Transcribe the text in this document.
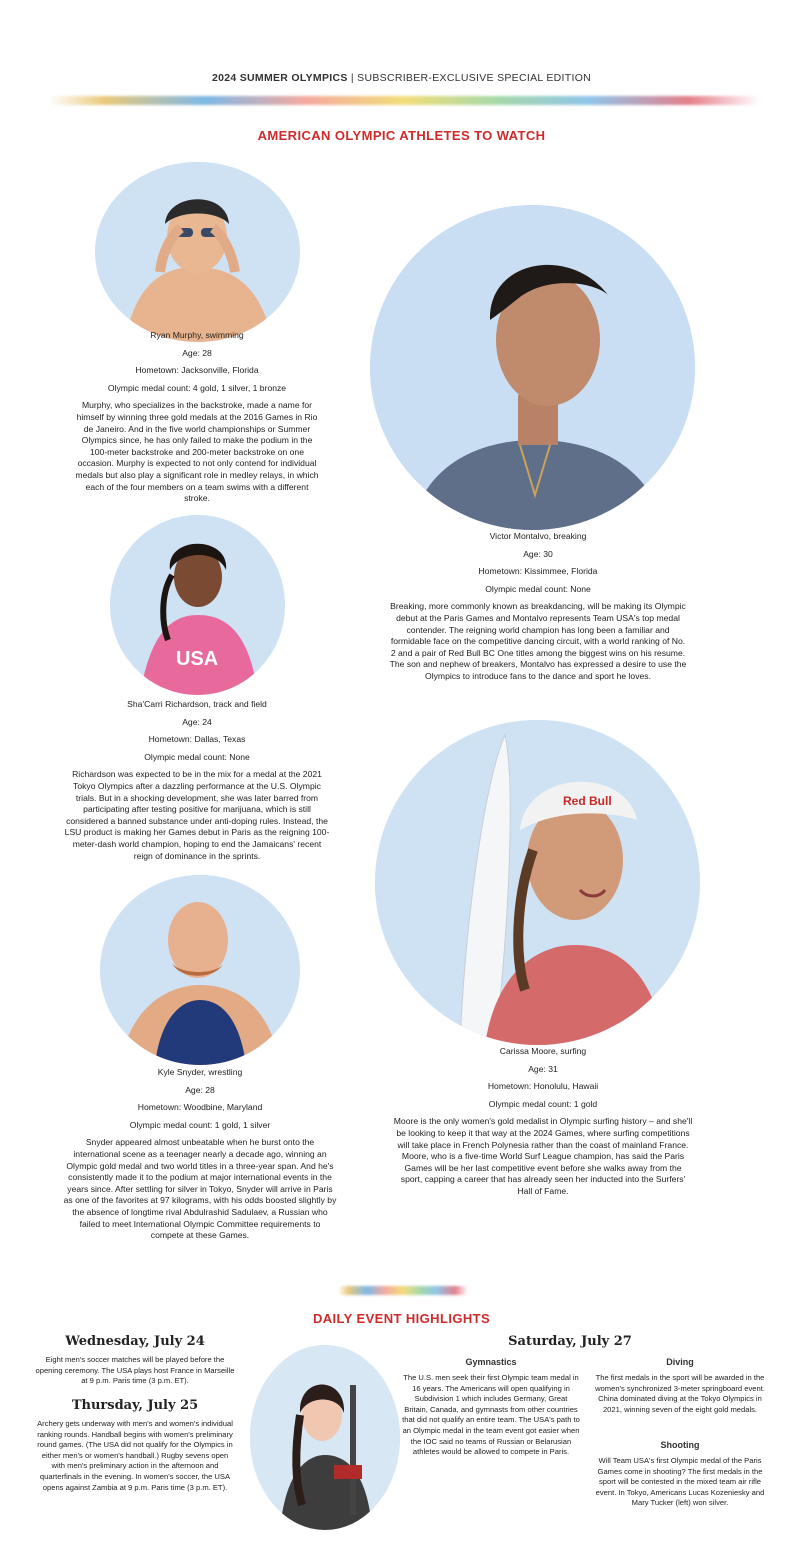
2024 SUMMER OLYMPICS | SUBSCRIBER-EXCLUSIVE SPECIAL EDITION
AMERICAN OLYMPIC ATHLETES TO WATCH

Ryan Murphy, swimming

Age: 28

Hometown: Jacksonville, Florida

Olympic medal count: 4 gold, 1 silver, 1 bronze

Murphy, who specializes in the backstroke, made a name for himself by winning three gold medals at the 2016 Games in Rio de Janeiro. And in the five world championships or Summer Olympics since, he has only failed to make the podium in the 100-meter backstroke and 200-meter backstroke on one occasion. Murphy is expected to not only contend for individual medals but also play a significant role in medley relays, in which each of the four members on a team swims with a different stroke.

Victor Montalvo, breaking

Age: 30

Hometown: Kissimmee, Florida

Olympic medal count: None

Breaking, more commonly known as breakdancing, will be making its Olympic debut at the Paris Games and Montalvo represents Team USA's top medal contender. The reigning world champion has long been a familiar and formidable face on the competitive dancing circuit, with a world ranking of No. 2 and a pair of Red Bull BC One titles among the biggest wins on his resume. The son and nephew of breakers, Montalvo has expressed a desire to use the Olympics to introduce fans to the dance and sport he loves.

USA

Sha'Carri Richardson, track and field

Age: 24

Hometown: Dallas, Texas

Olympic medal count: None

Richardson was expected to be in the mix for a medal at the 2021 Tokyo Olympics after a dazzling performance at the U.S. Olympic trials. But in a shocking development, she was later barred from participating after testing positive for marijuana, which is still considered a banned substance under anti-doping rules. Instead, the LSU product is making her Games debut in Paris as the reigning 100-meter-dash world champion, hoping to end the Jamaicans' recent reign of dominance in the sprints.

Red Bull

Carissa Moore, surfing

Age: 31

Hometown: Honolulu, Hawaii

Olympic medal count: 1 gold

Moore is the only women's gold medalist in Olympic surfing history – and she'll be looking to keep it that way at the 2024 Games, where surfing competitions will take place in French Polynesia rather than the coast of mainland France. Moore, who is a five-time World Surf League champion, has said the Paris Games will be her last competitive event before she walks away from the sport, capping a career that has already seen her inducted into the Surfers' Hall of Fame.

Kyle Snyder, wrestling

Age: 28

Hometown: Woodbine, Maryland

Olympic medal count: 1 gold, 1 silver

Snyder appeared almost unbeatable when he burst onto the international scene as a teenager nearly a decade ago, winning an Olympic gold medal and two world titles in a three-year span. And he's consistently made it to the podium at major international events in the years since. After settling for silver in Tokyo, Snyder will arrive in Paris as one of the favorites at 97 kilograms, with his odds boosted slightly by the absence of longtime rival Abdulrashid Sadulaev, a Russian who failed to meet International Olympic Committee requirements to compete at these Games.

DAILY EVENT HIGHLIGHTS
Wednesday, July 24
Eight men's soccer matches will be played before the opening ceremony. The USA plays host France in Marseille at 9 p.m. Paris time (3 p.m. ET).
Thursday, July 25
Archery gets underway with men's and women's individual ranking rounds. Handball begins with women's preliminary round games. (The USA did not qualify for the Olympics in either men's or women's handball.) Rugby sevens open with men's preliminary action in the afternoon and quarterfinals in the evening. In women's soccer, the USA opens against Zambia at 9 p.m. Paris time (3 p.m. ET).
Saturday, July 27
Gymnastics
The U.S. men seek their first Olympic team medal in 16 years. The Americans will open qualifying in Subdivision 1 which includes Germany, Great Britain, Canada, and gymnasts from other countries that did not qualify an entire team. The USA's path to an Olympic medal in the team event got easier when the IOC said no teams of Russian or Belarusian athletes would be allowed to compete in Paris.
Diving
The first medals in the sport will be awarded in the women's synchronized 3-meter springboard event. China dominated diving at the Tokyo Olympics in 2021, winning seven of the eight gold medals.
Shooting
Will Team USA's first Olympic medal of the Paris Games come in shooting? The first medals in the sport will be contested in the mixed team air rifle event. In Tokyo, Americans Lucas Kozeniesky and Mary Tucker (left) won silver.
